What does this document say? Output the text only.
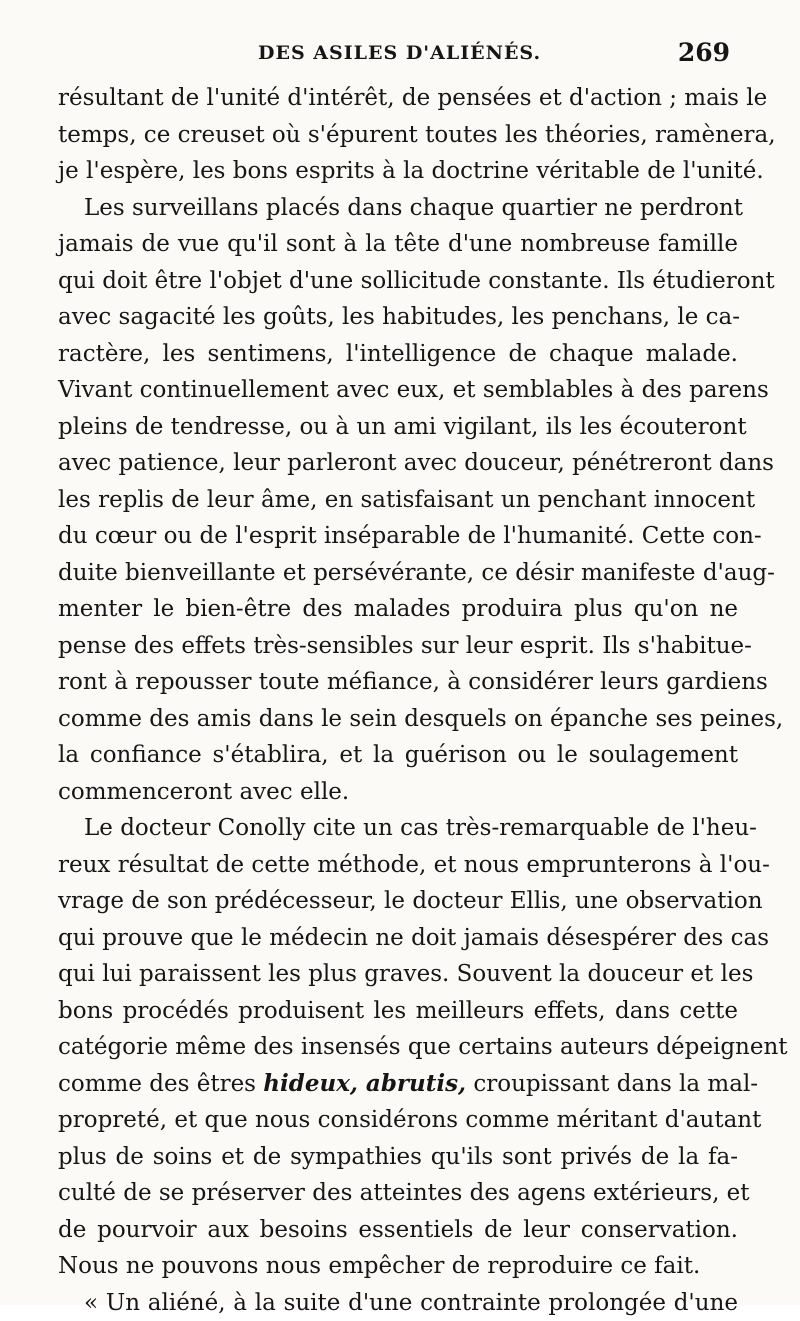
DES ASILES D'ALIÉNÉS.	269
résultant de l'unité d'intérêt, de pensées et d'action ; mais le
temps, ce creuset où s'épurent toutes les théories, ramènera,
je l'espère, les bons esprits à la doctrine véritable de l'unité.
Les surveillans placés dans chaque quartier ne perdront
jamais de vue qu'il sont à la tête d'une nombreuse famille
qui doit être l'objet d'une sollicitude constante. Ils étudieront
avec sagacité les goûts, les habitudes, les penchans, le ca-
ractère, les sentimens, l'intelligence de chaque malade.
Vivant continuellement avec eux, et semblables à des parens
pleins de tendresse, ou à un ami vigilant, ils les écouteront
avec patience, leur parleront avec douceur, pénétreront dans
les replis de leur âme, en satisfaisant un penchant innocent
du cœur ou de l'esprit inséparable de l'humanité. Cette con-
duite bienveillante et persévérante, ce désir manifeste d'aug-
menter le bien-être des malades produira plus qu'on ne
pense des effets très-sensibles sur leur esprit. Ils s'habitue-
ront à repousser toute méfiance, à considérer leurs gardiens
comme des amis dans le sein desquels on épanche ses peines,
la confiance s'établira, et la guérison ou le soulagement
commenceront avec elle.
Le docteur Conolly cite un cas très-remarquable de l'heu-
reux résultat de cette méthode, et nous emprunterons à l'ou-
vrage de son prédécesseur, le docteur Ellis, une observation
qui prouve que le médecin ne doit jamais désespérer des cas
qui lui paraissent les plus graves. Souvent la douceur et les
bons procédés produisent les meilleurs effets, dans cette
catégorie même des insensés que certains auteurs dépeignent
comme des êtres hideux, abrutis, croupissant dans la mal-
propreté, et que nous considérons comme méritant d'autant
plus de soins et de sympathies qu'ils sont privés de la fa-
culté de se préserver des atteintes des agens extérieurs, et
de pourvoir aux besoins essentiels de leur conservation.
Nous ne pouvons nous empêcher de reproduire ce fait.
« Un aliéné, à la suite d'une contrainte prolongée d'une
